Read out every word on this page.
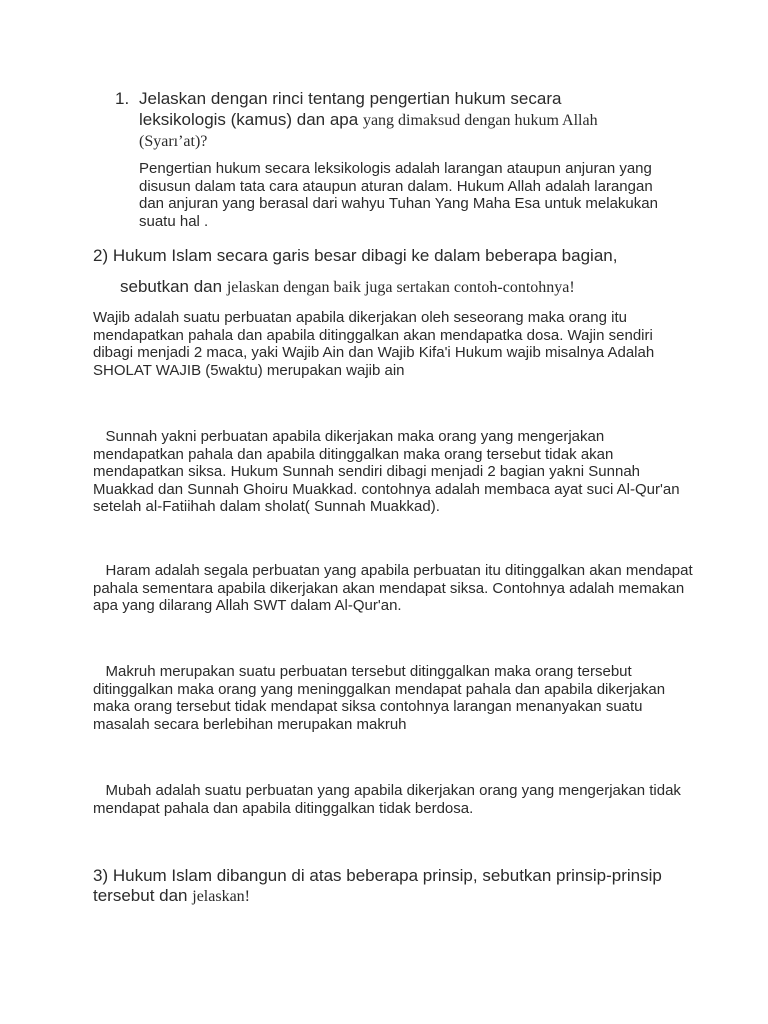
1. Jelaskan dengan rinci tentang pengertian hukum secara
leksikologis (kamus) dan apa yang dimaksud dengan hukum Allah
(Syarı’at)?
Pengertian hukum secara leksikologis adalah larangan ataupun anjuran yang disusun dalam tata cara ataupun aturan dalam. Hukum Allah adalah larangan dan anjuran yang berasal dari wahyu Tuhan Yang Maha Esa untuk melakukan suatu hal .
2) Hukum Islam secara garis besar dibagi ke dalam beberapa bagian,
sebutkan dan jelaskan dengan baik juga sertakan contoh-contohnya!
Wajib adalah suatu perbuatan apabila dikerjakan oleh seseorang maka orang itu mendapatkan pahala dan apabila ditinggalkan akan mendapatka dosa. Wajin sendiri dibagi menjadi 2 maca, yaki Wajib Ain dan Wajib Kifa'i Hukum wajib misalnya Adalah SHOLAT WAJIB (5waktu) merupakan wajib ain
Sunnah yakni perbuatan apabila dikerjakan maka orang yang mengerjakan mendapatkan pahala dan apabila ditinggalkan maka orang tersebut tidak akan mendapatkan siksa. Hukum Sunnah sendiri dibagi menjadi 2 bagian yakni Sunnah Muakkad dan Sunnah Ghoiru Muakkad. contohnya adalah membaca ayat suci Al-Qur'an setelah al-Fatiihah dalam sholat( Sunnah Muakkad).
Haram adalah segala perbuatan yang apabila perbuatan itu ditinggalkan akan mendapat pahala sementara apabila dikerjakan akan mendapat siksa. Contohnya adalah memakan apa yang dilarang Allah SWT dalam Al-Qur'an.
Makruh merupakan suatu perbuatan tersebut ditinggalkan maka orang tersebut ditinggalkan maka orang yang meninggalkan mendapat pahala dan apabila dikerjakan maka orang tersebut tidak mendapat siksa contohnya larangan menanyakan suatu masalah secara berlebihan merupakan makruh
Mubah adalah suatu perbuatan yang apabila dikerjakan orang yang mengerjakan tidak mendapat pahala dan apabila ditinggalkan tidak berdosa.
3) Hukum Islam dibangun di atas beberapa prinsip, sebutkan prinsip-prinsip tersebut dan jelaskan!
